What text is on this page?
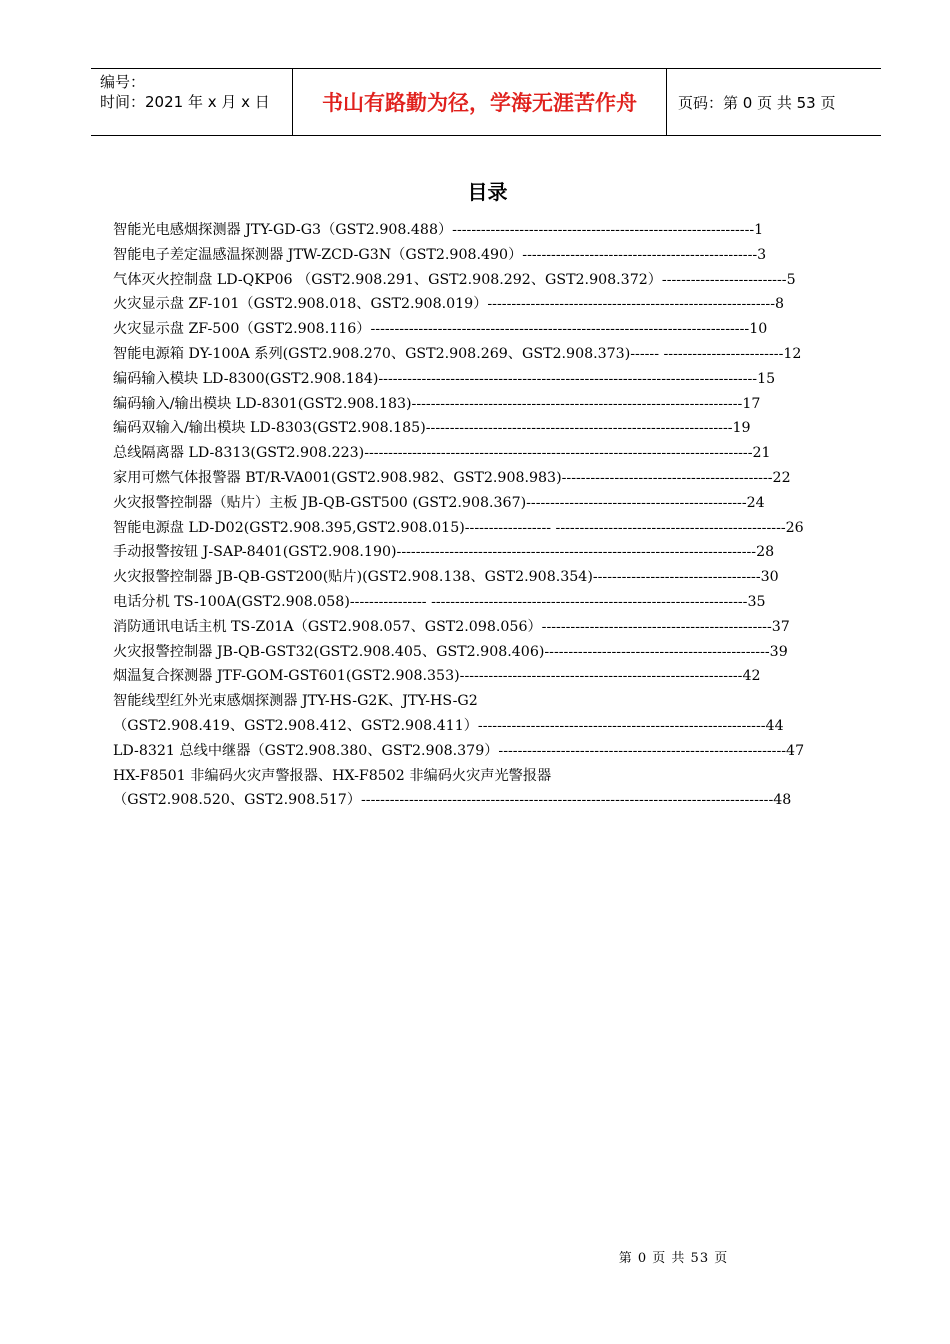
编号：
时间：2021 年 x 月 x 日	书山有路勤为径，学海无涯苦作舟	页码：第 0 页 共 53 页
目录
智能光电感烟探测器 JTY-GD-G3（GST2.908.488）---------------------------------------------------------------1
智能电子差定温感温探测器 JTW-ZCD-G3N（GST2.908.490）-------------------------------------------------3
气体灭火控制盘 LD-QKP06 （GST2.908.291、GST2.908.292、GST2.908.372）--------------------------5
火灾显示盘 ZF-101（GST2.908.018、GST2.908.019）------------------------------------------------------------8
火灾显示盘 ZF-500（GST2.908.116）-------------------------------------------------------------------------------10
智能电源箱 DY-100A 系列(GST2.908.270、GST2.908.269、GST2.908.373)------ -------------------------12
编码输入模块 LD-8300(GST2.908.184)-------------------------------------------------------------------------------15
编码输入/输出模块 LD-8301(GST2.908.183)---------------------------------------------------------------------17
编码双输入/输出模块 LD-8303(GST2.908.185)----------------------------------------------------------------19
总线隔离器 LD-8313(GST2.908.223)---------------------------------------------------------------------------------21
家用可燃气体报警器 BT/R-VA001(GST2.908.982、GST2.908.983)--------------------------------------------22
火灾报警控制器（贴片）主板 JB-QB-GST500 (GST2.908.367)----------------------------------------------24
智能电源盘 LD-D02(GST2.908.395,GST2.908.015)------------------ ------------------------------------------------26
手动报警按钮 J-SAP-8401(GST2.908.190)---------------------------------------------------------------------------28
火灾报警控制器 JB-QB-GST200(贴片)(GST2.908.138、GST2.908.354)-----------------------------------30
电话分机 TS-100A(GST2.908.058)---------------- ------------------------------------------------------------------35
消防通讯电话主机 TS-Z01A（GST2.908.057、GST2.098.056）------------------------------------------------37
火灾报警控制器 JB-QB-GST32(GST2.908.405、GST2.908.406)-----------------------------------------------39
烟温复合探测器 JTF-GOM-GST601(GST2.908.353)-----------------------------------------------------------42
智能线型红外光束感烟探测器 JTY-HS-G2K、JTY-HS-G2
（GST2.908.419、GST2.908.412、GST2.908.411）------------------------------------------------------------44
LD-8321 总线中继器（GST2.908.380、GST2.908.379）------------------------------------------------------------47
HX-F8501 非编码火灾声警报器、HX-F8502 非编码火灾声光警报器
（GST2.908.520、GST2.908.517）--------------------------------------------------------------------------------------48
第 0 页 共 53 页
